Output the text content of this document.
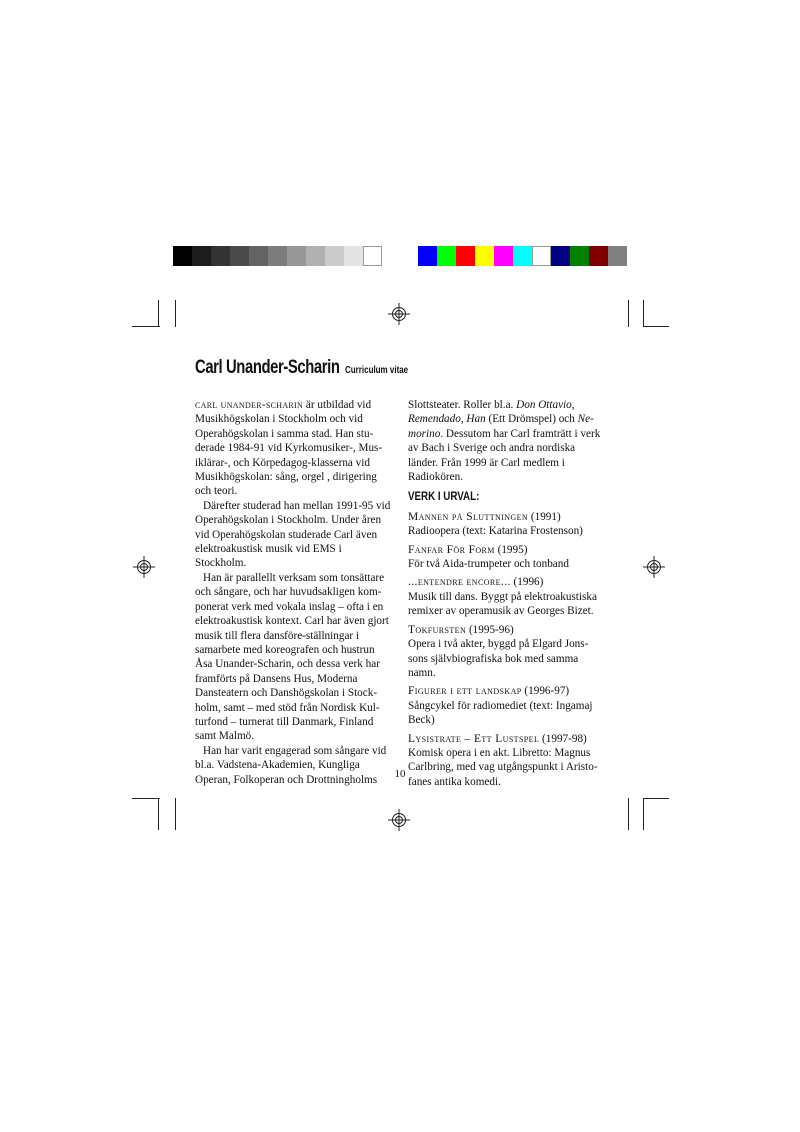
Carl Unander-Scharin Curriculum vitae

carl unander-scharin är utbildad vid Musikhögskolan i Stockholm och vid Operahögskolan i samma stad. Han stu-derade 1984-91 vid Kyrkomusiker-, Mus-iklärar-, och Körpedagog-klasserna vid Musikhögskolan: sång, orgel , dirigering och teori.

Därefter studerad han mellan 1991-95 vid Operahögskolan i Stockholm. Under åren vid Operahögskolan studerade Carl även elektroakustisk musik vid EMS i Stockholm.

Han är parallellt verksam som tonsättare och sångare, och har huvudsakligen kom-ponerat verk med vokala inslag – ofta i en elektroakustisk kontext. Carl har även gjort musik till flera dansföre-ställningar i samarbete med koreografen och hustrun Åsa Unander-Scharin, och dessa verk har framförts på Dansens Hus, Moderna Dansteatern och Danshögskolan i Stock-holm, samt – med stöd från Nordisk Kul-turfond – turnerat till Danmark, Finland samt Malmö.

Han har varit engagerad som sångare vid bl.a. Vadstena-Akademien, Kungliga Operan, Folkoperan och Drottningholms

Slottsteater. Roller bl.a. Don Ottavio, Remendado, Han (Ett Drömspel) och Ne-morino. Dessutom har Carl framträtt i verk av Bach i Sverige och andra nordiska länder. Från 1999 är Carl medlem i Radiokören.

VERK I URVAL:
Mannen på Sluttningen (1991)
Radioopera (text: Katarina Frostenson)
Fanfar För Form (1995)
För två Aida-trumpeter och tonband
...entendre encore... (1996)
Musik till dans. Byggt på elektroakustiska remixer av operamusik av Georges Bizet.
Tokfursten (1995-96)
Opera i två akter, byggd på Elgard Jons-sons självbiografiska bok med samma namn.
Figurer i ett landskap (1996-97)
Sångcykel för radiomediet (text: Ingamaj Beck)
Lysistrate – Ett Lustspel (1997-98)
Komisk opera i en akt. Libretto: Magnus Carlbring, med vag utgångspunkt i Aristo-fanes antika komedi.
10
